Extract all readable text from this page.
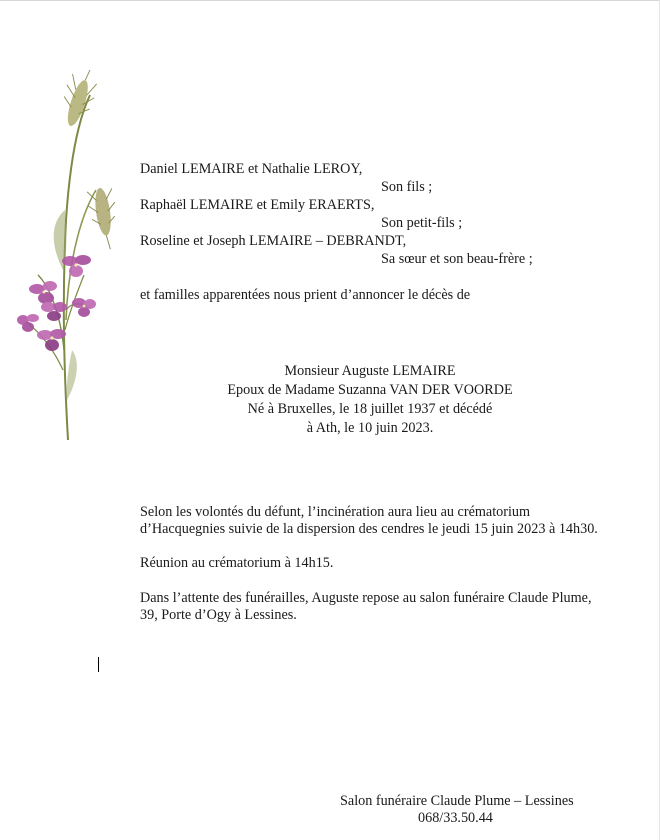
Daniel LEMAIRE et Nathalie LEROY,
Son fils ;
Raphaël LEMAIRE et Emily ERAERTS,
Son petit-fils ;
Roseline et Joseph LEMAIRE – DEBRANDT,
Sa sœur et son beau-frère ;
et familles apparentées nous prient d’annoncer le décès de
Monsieur Auguste LEMAIRE
Epoux de Madame Suzanna VAN DER VOORDE
Né à Bruxelles, le 18 juillet 1937 et décédé
à Ath, le 10 juin 2023.
Selon les volontés du défunt, l’incinération aura lieu au crématorium
d’Hacquegnies suivie de la dispersion des cendres le jeudi 15 juin 2023 à 14h30.
Réunion au crématorium à 14h15.
Dans l’attente des funérailles, Auguste repose au salon funéraire Claude Plume,
39, Porte d’Ogy à Lessines.
Salon funéraire Claude Plume – Lessines
068/33.50.44
